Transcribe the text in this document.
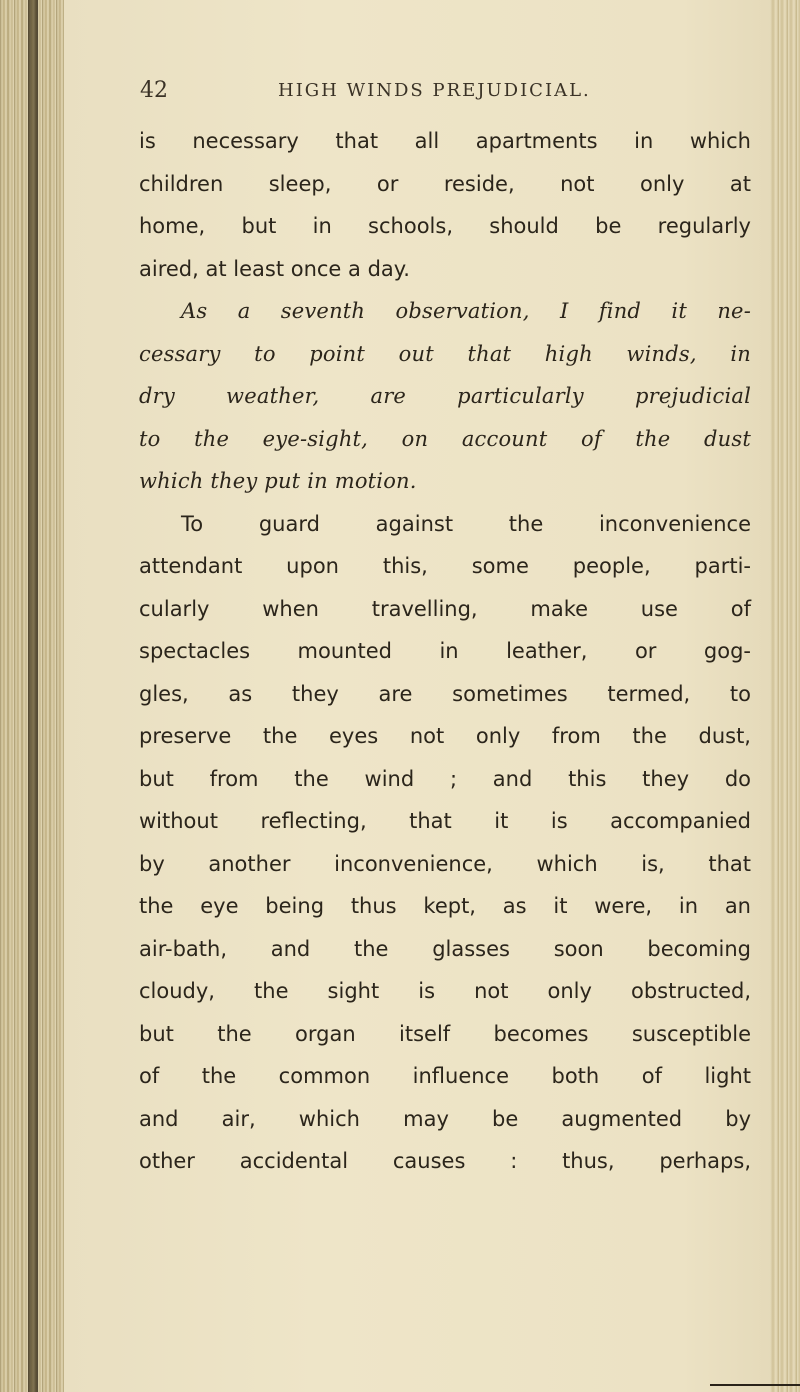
42	HIGH WINDS PREJUDICIAL.
is necessary that all apartments in which
children sleep, or reside, not only at
home, but in schools, should be regularly
aired, at least once a day.
As a seventh observation, I find it ne-
cessary to point out that high winds, in
dry weather, are particularly prejudicial
to the eye-sight, on account of the dust
which they put in motion.
To guard against the inconvenience
attendant upon this, some people, parti-
cularly when travelling, make use of
spectacles mounted in leather, or gog-
gles, as they are sometimes termed, to
preserve the eyes not only from the dust,
but from the wind ; and this they do
without reflecting, that it is accompanied
by another inconvenience, which is, that
the eye being thus kept, as it were, in an
air-bath, and the glasses soon becoming
cloudy, the sight is not only obstructed,
but the organ itself becomes susceptible
of the common influence both of light
and air, which may be augmented by
other accidental causes : thus, perhaps,
